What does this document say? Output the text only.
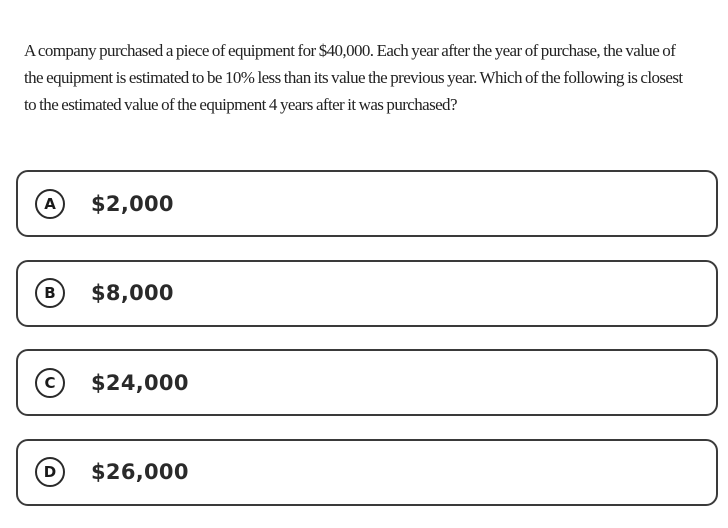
A company purchased a piece of equipment for $40,000. Each year after the year of purchase, the value of
the equipment is estimated to be 10% less than its value the previous year. Which of the following is closest
to the estimated value of the equipment 4 years after it was purchased?

A	$2,000
B	$8,000
C	$24,000
D	$26,000
